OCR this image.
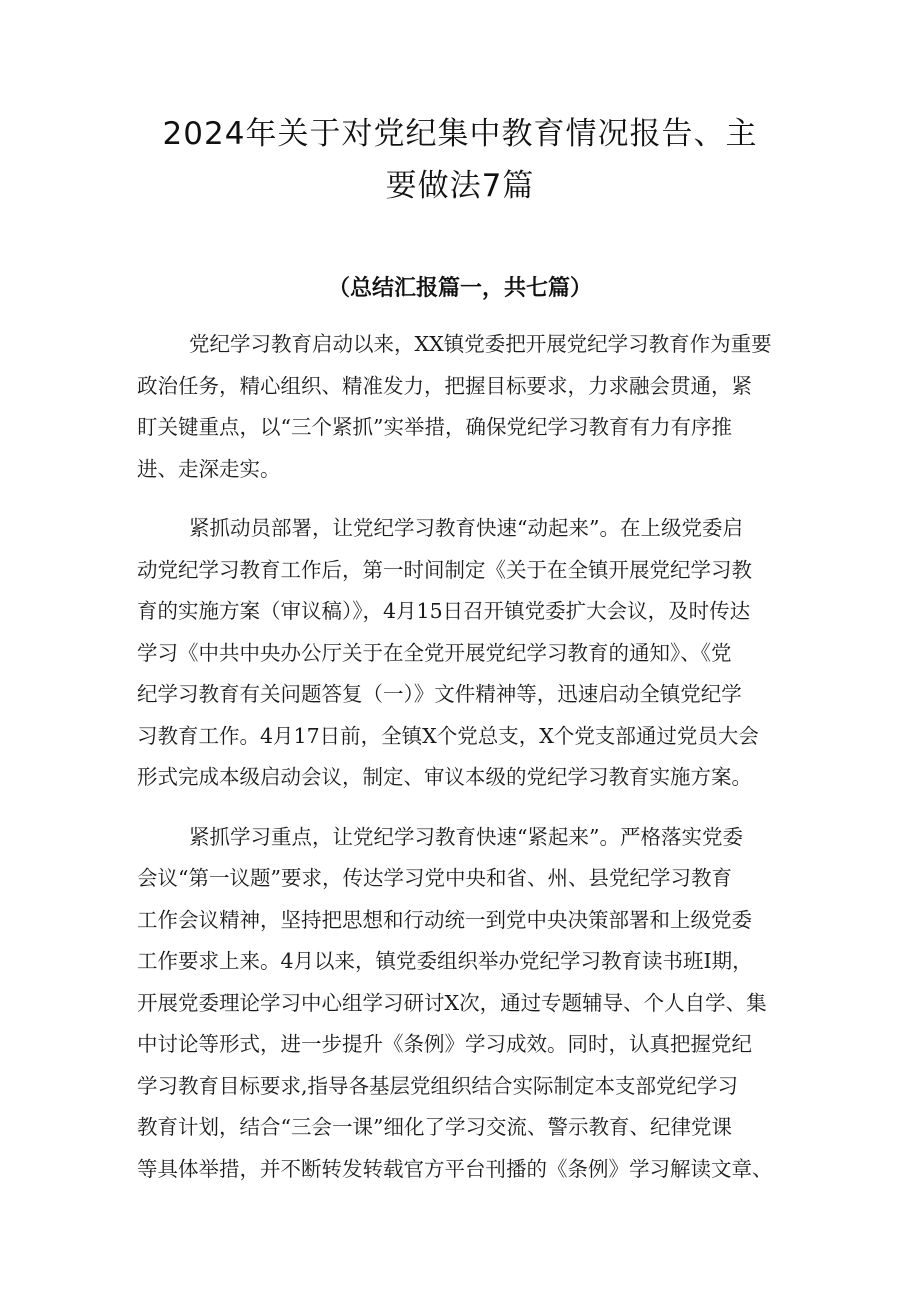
2024年关于对党纪集中教育情况报告、主
要做法7篇
（总结汇报篇一，共七篇）

党纪学习教育启动以来，XX镇党委把开展党纪学习教育作为重要
政治任务，精心组织、精准发力，把握目标要求，力求融会贯通，紧
盯关键重点，以“三个紧抓”实举措，确保党纪学习教育有力有序推
进、走深走实。

紧抓动员部署，让党纪学习教育快速“动起来”。在上级党委启
动党纪学习教育工作后，第一时间制定《关于在全镇开展党纪学习教
育的实施方案（审议稿）》，4月15日召开镇党委扩大会议，及时传达
学习《中共中央办公厅关于在全党开展党纪学习教育的通知》、《党
纪学习教育有关问题答复（一）》文件精神等，迅速启动全镇党纪学
习教育工作。4月17日前，全镇X个党总支，X个党支部通过党员大会
形式完成本级启动会议，制定、审议本级的党纪学习教育实施方案。

紧抓学习重点，让党纪学习教育快速“紧起来”。严格落实党委
会议“第一议题”要求，传达学习党中央和省、州、县党纪学习教育
工作会议精神，坚持把思想和行动统一到党中央决策部署和上级党委
工作要求上来。4月以来，镇党委组织举办党纪学习教育读书班I期，
开展党委理论学习中心组学习研讨X次，通过专题辅导、个人自学、集
中讨论等形式，进一步提升《条例》学习成效。同时，认真把握党纪
学习教育目标要求,指导各基层党组织结合实际制定本支部党纪学习
教育计划，结合“三会一课”细化了学习交流、警示教育、纪律党课
等具体举措，并不断转发转载官方平台刊播的《条例》学习解读文章、
